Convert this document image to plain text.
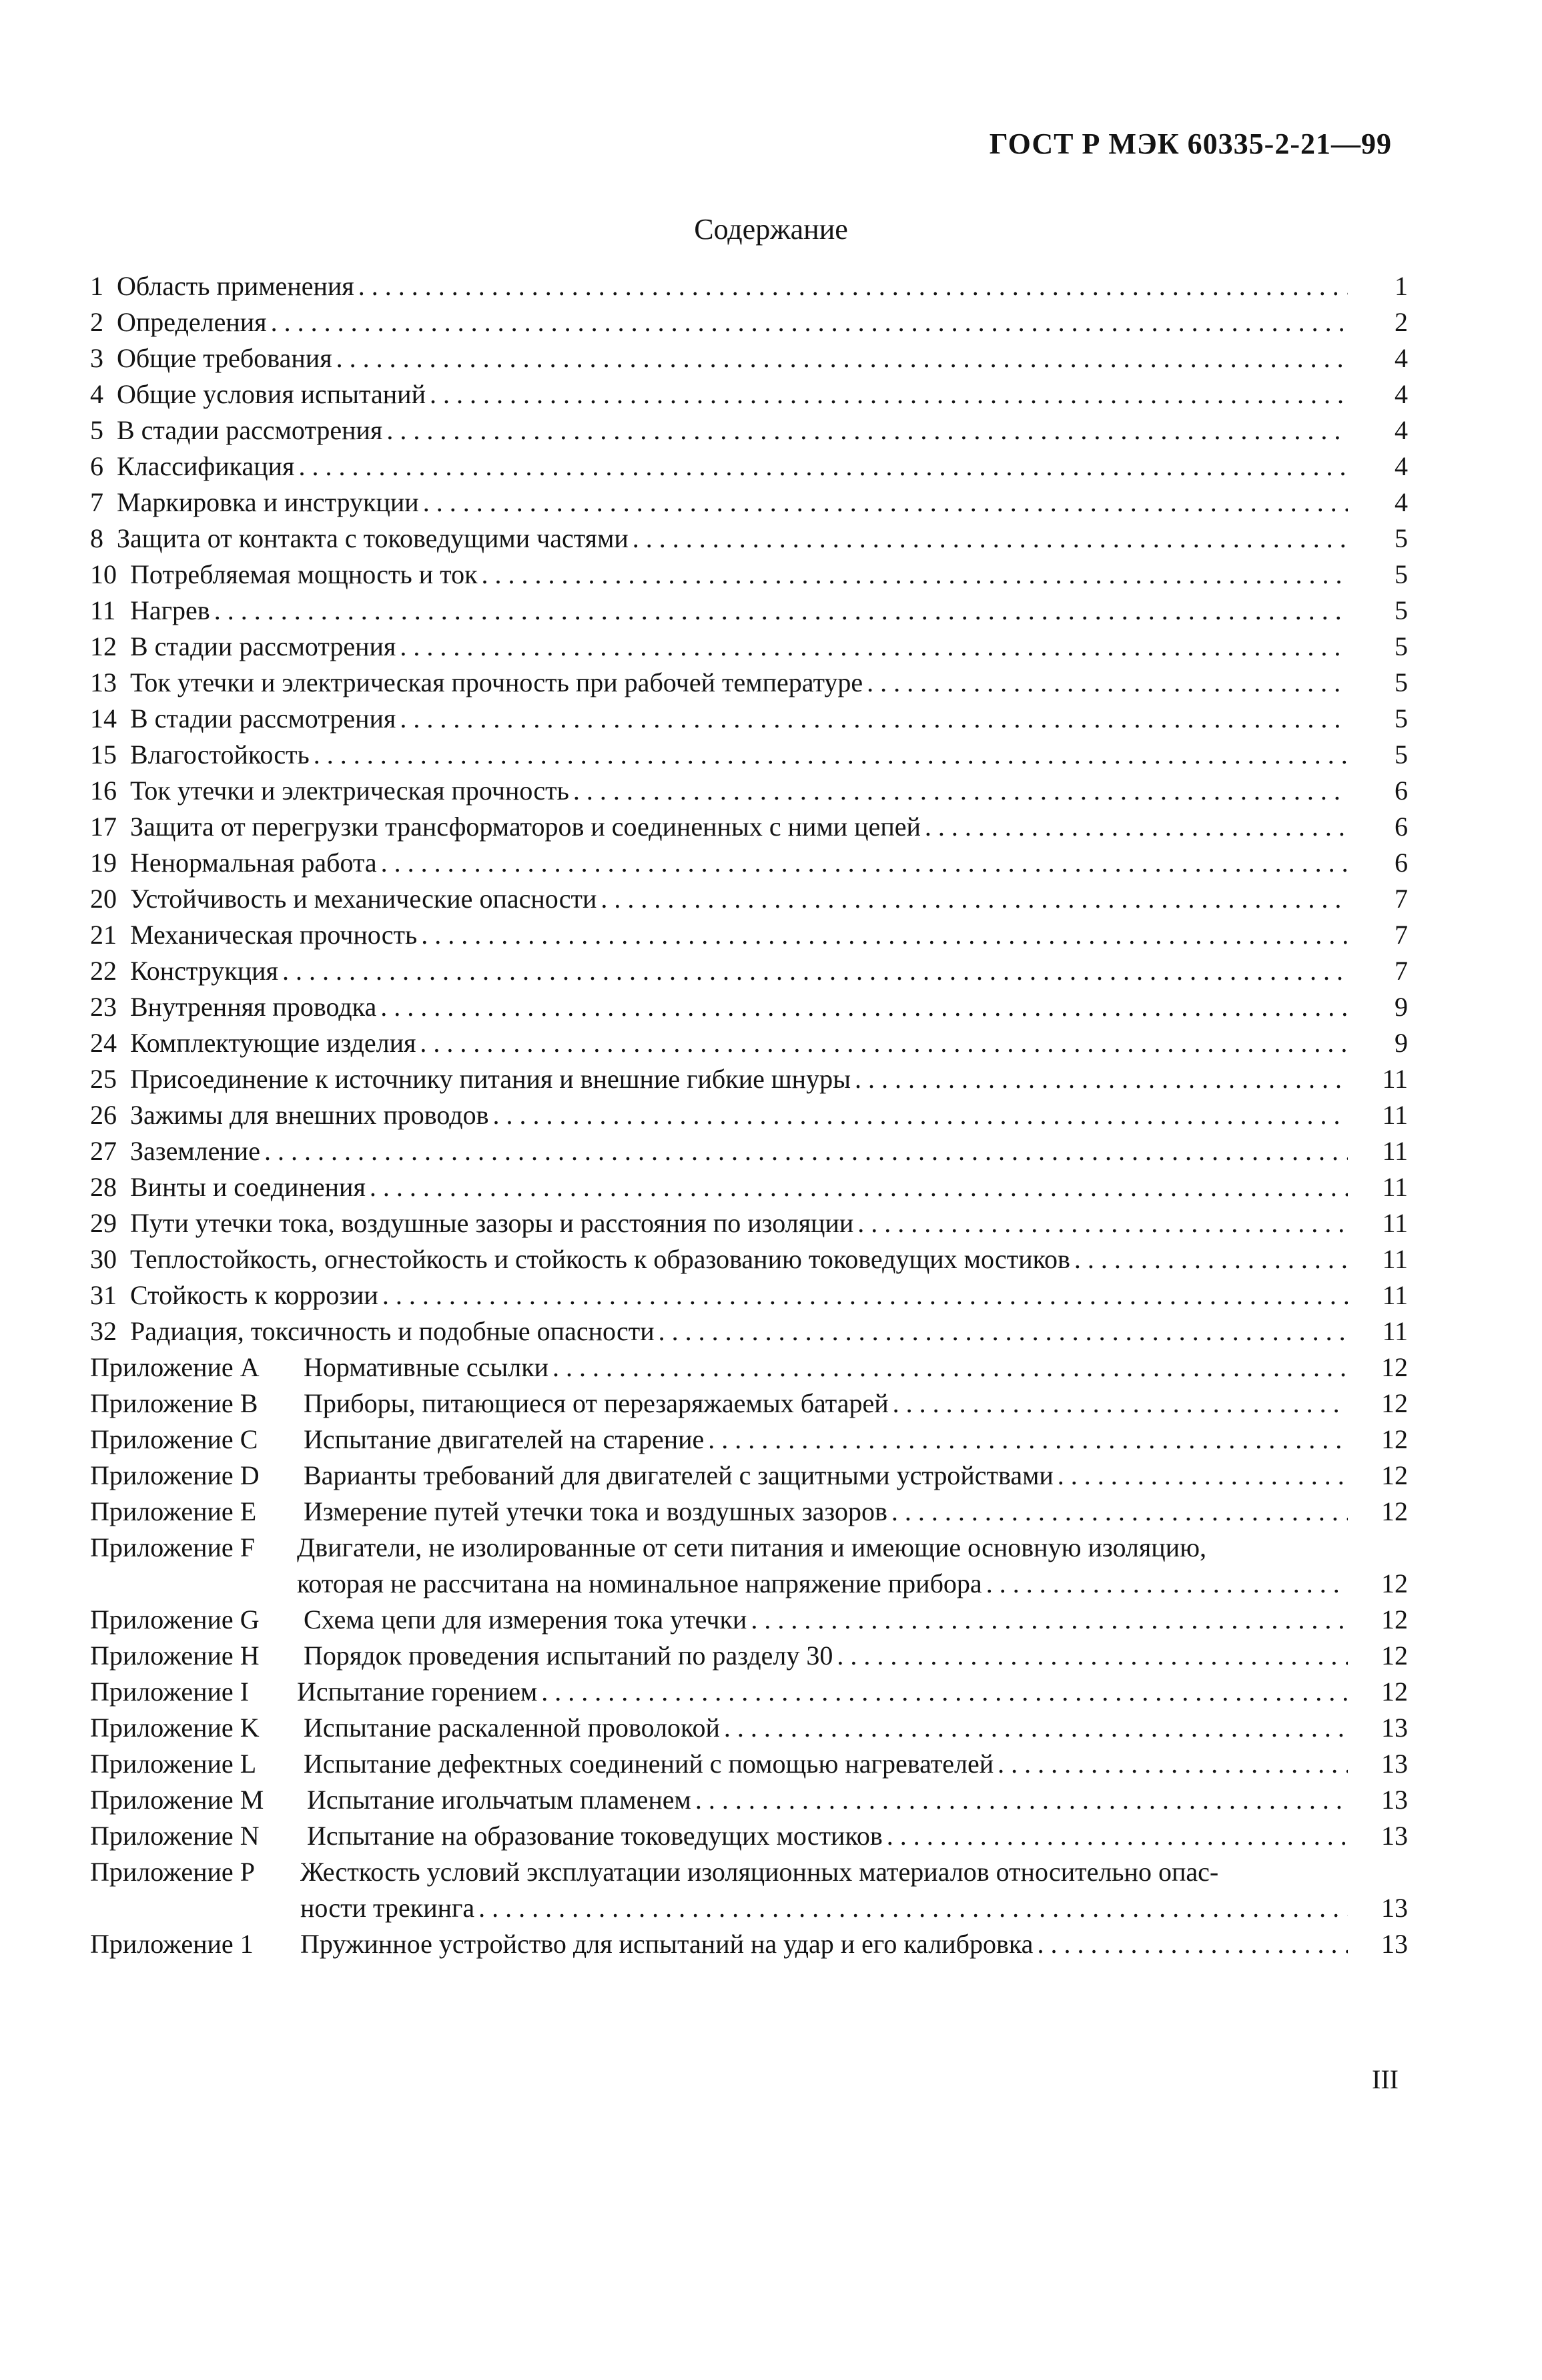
ГОСТ Р МЭК 60335-2-21—99
Содержание
1 Область применения . . .	1
2 Определения . . .	2
3 Общие требования . . .	4
4 Общие условия испытаний . . .	4
5 В стадии рассмотрения . . .	4
6 Классификация . . .	4
7 Маркировка и инструкции . . .	4
8 Защита от контакта с токоведущими частями . . .	5
10 Потребляемая мощность и ток . . .	5
11 Нагрев . . .	5
12 В стадии рассмотрения . . .	5
13 Ток утечки и электрическая прочность при рабочей температуре . . .	5
14 В стадии рассмотрения . . .	5
15 Влагостойкость . . .	5
16 Ток утечки и электрическая прочность . . .	6
17 Защита от перегрузки трансформаторов и соединенных с ними цепей . . .	6
19 Ненормальная работа . . .	6
20 Устойчивость и механические опасности . . .	7
21 Механическая прочность . . .	7
22 Конструкция . . .	7
23 Внутренняя проводка . . .	9
24 Комплектующие изделия . . .	9
25 Присоединение к источнику питания и внешние гибкие шнуры . . .	11
26 Зажимы для внешних проводов . . .	11
27 Заземление . . .	11
28 Винты и соединения . . .	11
29 Пути утечки тока, воздушные зазоры и расстояния по изоляции . . .	11
30 Теплостойкость, огнестойкость и стойкость к образованию токоведущих мостиков . . .	11
31 Стойкость к коррозии . . .	11
32 Радиация, токсичность и подобные опасности . . .	11
Приложение A	Нормативные ссылки . . .	12
Приложение B	Приборы, питающиеся от перезаряжаемых батарей . . .	12
Приложение C	Испытание двигателей на старение . . .	12
Приложение D	Варианты требований для двигателей с защитными устройствами . . .	12
Приложение E	Измерение путей утечки тока и воздушных зазоров . . .	12
Приложение F	Двигатели, не изолированные от сети питания и имеющие основную изоляцию,
которая не рассчитана на номинальное напряжение прибора . . .	12
Приложение G	Схема цепи для измерения тока утечки . . .	12
Приложение H	Порядок проведения испытаний по разделу 30 . . .	12
Приложение I	Испытание горением . . .	12
Приложение K	Испытание раскаленной проволокой . . .	13
Приложение L	Испытание дефектных соединений с помощью нагревателей . . .	13
Приложение M	Испытание игольчатым пламенем . . .	13
Приложение N	Испытание на образование токоведущих мостиков . . .	13
Приложение P	Жесткость условий эксплуатации изоляционных материалов относительно опас-
ности трекинга . . .	13
Приложение 1	Пружинное устройство для испытаний на удар и его калибровка . . .	13
III
